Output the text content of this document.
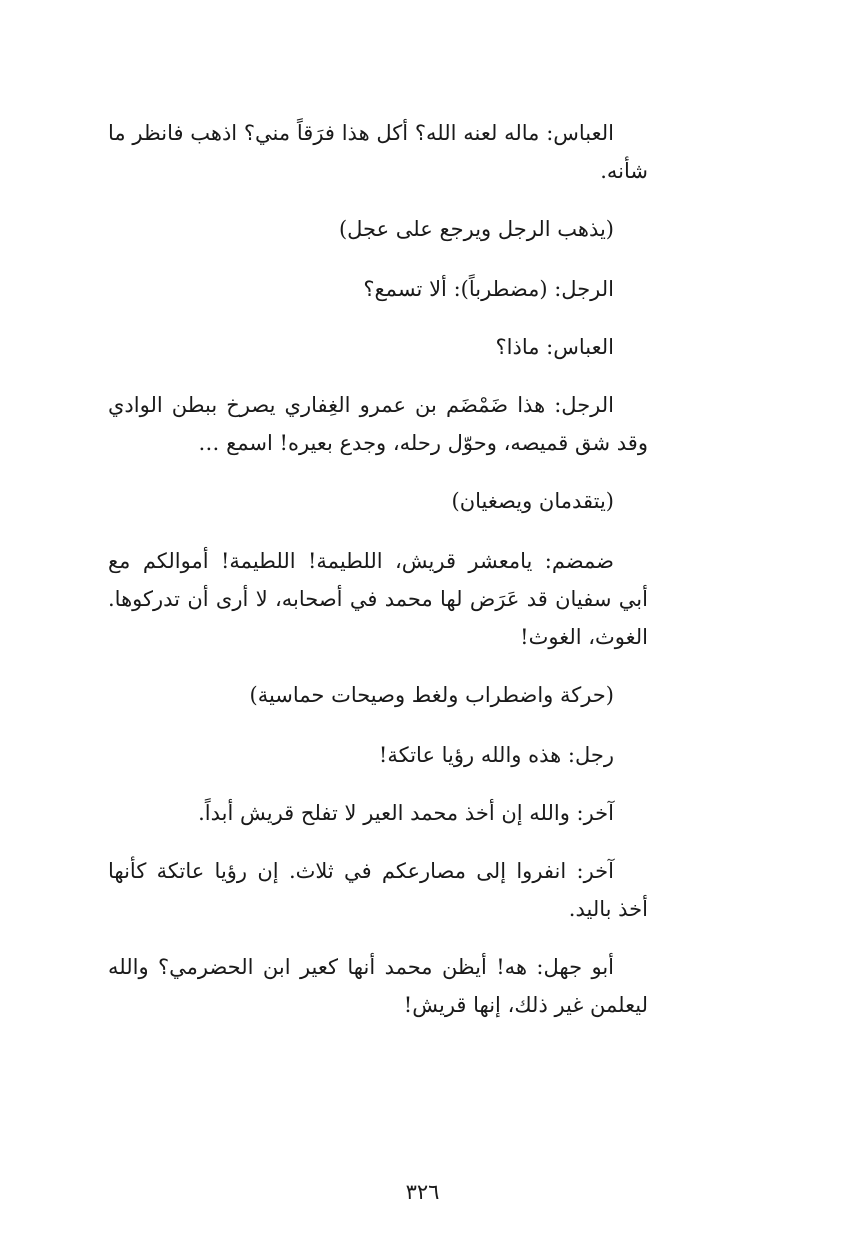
العباس: ماله لعنه الله؟ أكل هذا فرَقاً مني؟ اذهب فانظر ما شأنه.

(يذهب الرجل ويرجع على عجل)

الرجل: (مضطرباً): ألا تسمع؟

العباس: ماذا؟

الرجل: هذا ضَمْضَم بن عمرو الغِفاري يصرخ ببطن الوادي وقد شق قميصه، وحوّل رحله، وجدع بعيره! اسمع …

(يتقدمان ويصغيان)

ضمضم: يامعشر قريش، اللطيمة! اللطيمة! أموالكم مع أبي سفيان قد عَرَض لها محمد في أصحابه، لا أرى أن تدركوها. الغوث، الغوث!

(حركة واضطراب ولغط وصيحات حماسية)

رجل: هذه والله رؤيا عاتكة!

آخر: والله إن أخذ محمد العير لا تفلح قريش أبداً.

آخر: انفروا إلى مصارعكم في ثلاث. إن رؤيا عاتكة كأنها أخذ باليد.

أبو جهل: هه! أيظن محمد أنها كعير ابن الحضرمي؟ والله ليعلمن غير ذلك، إنها قريش!

٣٢٦
